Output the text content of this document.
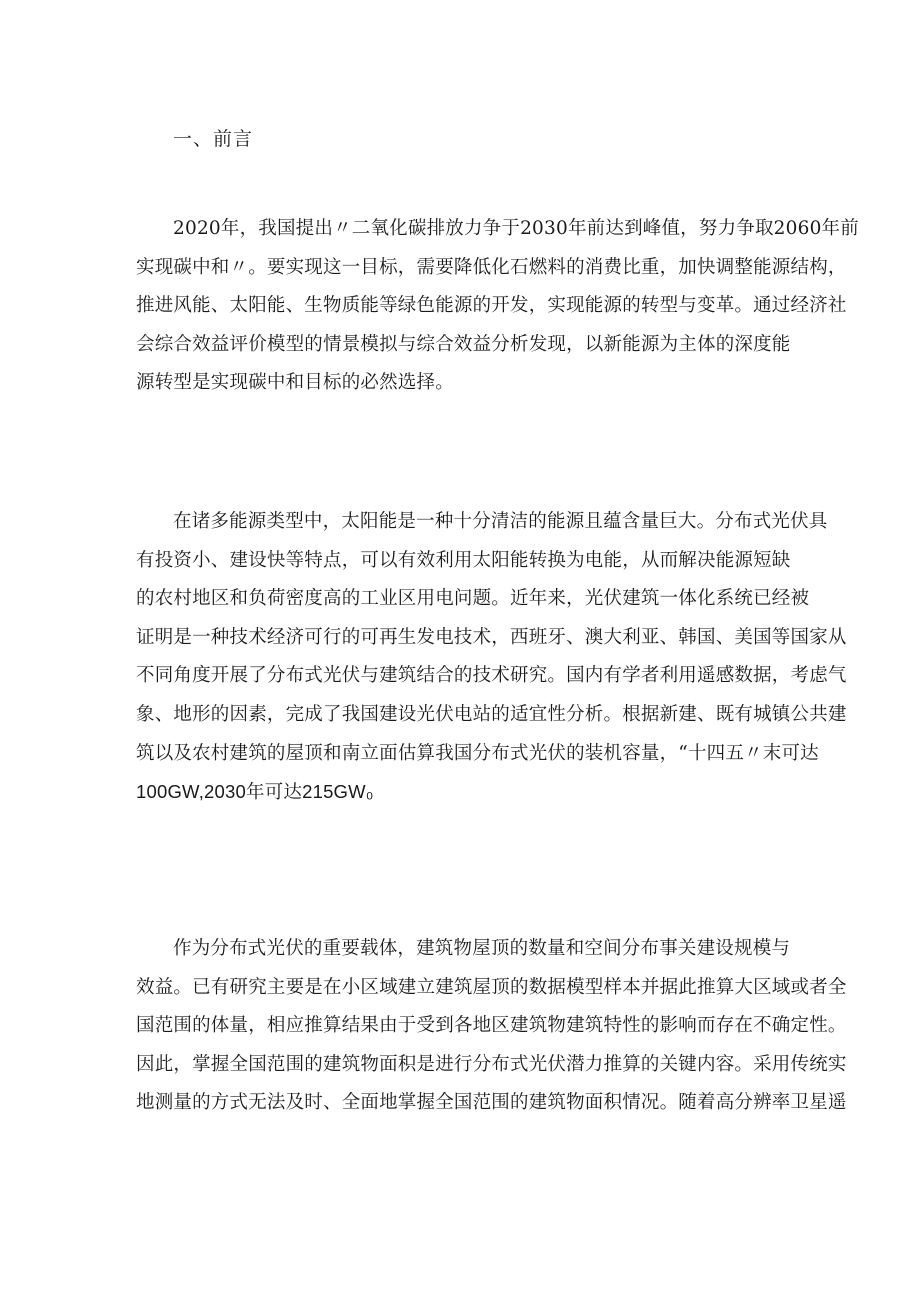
一、前言
2020年，我国提出〃二氧化碳排放力争于2030年前达到峰值，努力争取2060年前
实现碳中和〃。要实现这一目标，需要降低化石燃料的消费比重，加快调整能源结构，
推进风能、太阳能、生物质能等绿色能源的开发，实现能源的转型与变革。通过经济社
会综合效益评价模型的情景模拟与综合效益分析发现，以新能源为主体的深度能
源转型是实现碳中和目标的必然选择。
在诸多能源类型中，太阳能是一种十分清洁的能源且蕴含量巨大。分布式光伏具
有投资小、建设快等特点，可以有效利用太阳能转换为电能，从而解决能源短缺
的农村地区和负荷密度高的工业区用电问题。近年来，光伏建筑一体化系统已经被
证明是一种技术经济可行的可再生发电技术，西班牙、澳大利亚、韩国、美国等国家从
不同角度开展了分布式光伏与建筑结合的技术研究。国内有学者利用遥感数据，考虑气
象、地形的因素，完成了我国建设光伏电站的适宜性分析。根据新建、既有城镇公共建
筑以及农村建筑的屋顶和南立面估算我国分布式光伏的装机容量，“十四五〃末可达
100GW,2030年可达215GW₀
作为分布式光伏的重要载体，建筑物屋顶的数量和空间分布事关建设规模与
效益。已有研究主要是在小区域建立建筑屋顶的数据模型样本并据此推算大区域或者全
国范围的体量，相应推算结果由于受到各地区建筑物建筑特性的影响而存在不确定性。
因此，掌握全国范围的建筑物面积是进行分布式光伏潜力推算的关键内容。采用传统实
地测量的方式无法及时、全面地掌握全国范围的建筑物面积情况。随着高分辨率卫星遥
